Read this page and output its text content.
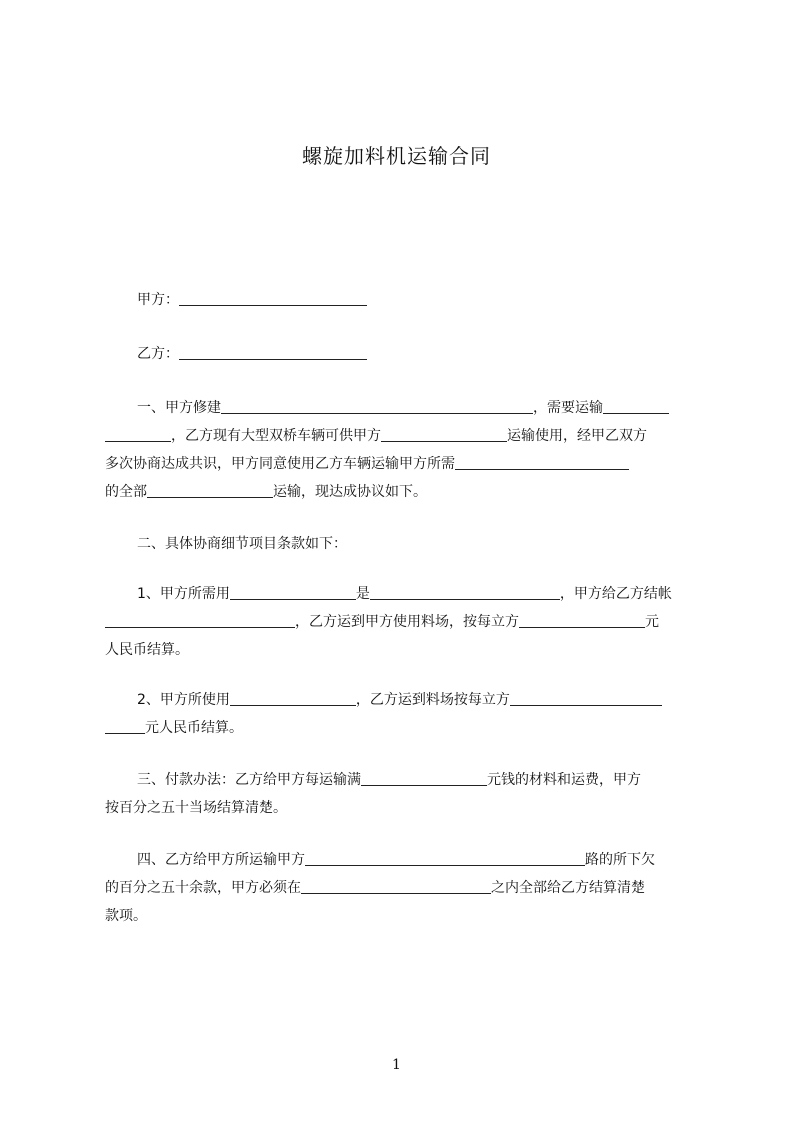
螺旋加料机运输合同
甲方：
乙方：
一、甲方修建	，需要运输
，乙方现有大型双桥车辆可供甲方	运输使用，经甲乙双方
多次协商达成共识，甲方同意使用乙方车辆运输甲方所需
的全部	运输，现达成协议如下。
二、具体协商细节项目条款如下：
1、甲方所需用	是	，甲方给乙方结帐
，乙方运到甲方使用料场，按每立方	元
人民币结算。
2、甲方所使用	，乙方运到料场按每立方
元人民币结算。
三、付款办法：乙方给甲方每运输满	元钱的材料和运费，甲方
按百分之五十当场结算清楚。
四、乙方给甲方所运输甲方	路的所下欠
的百分之五十余款，甲方必须在	之内全部给乙方结算清楚
款项。
1
